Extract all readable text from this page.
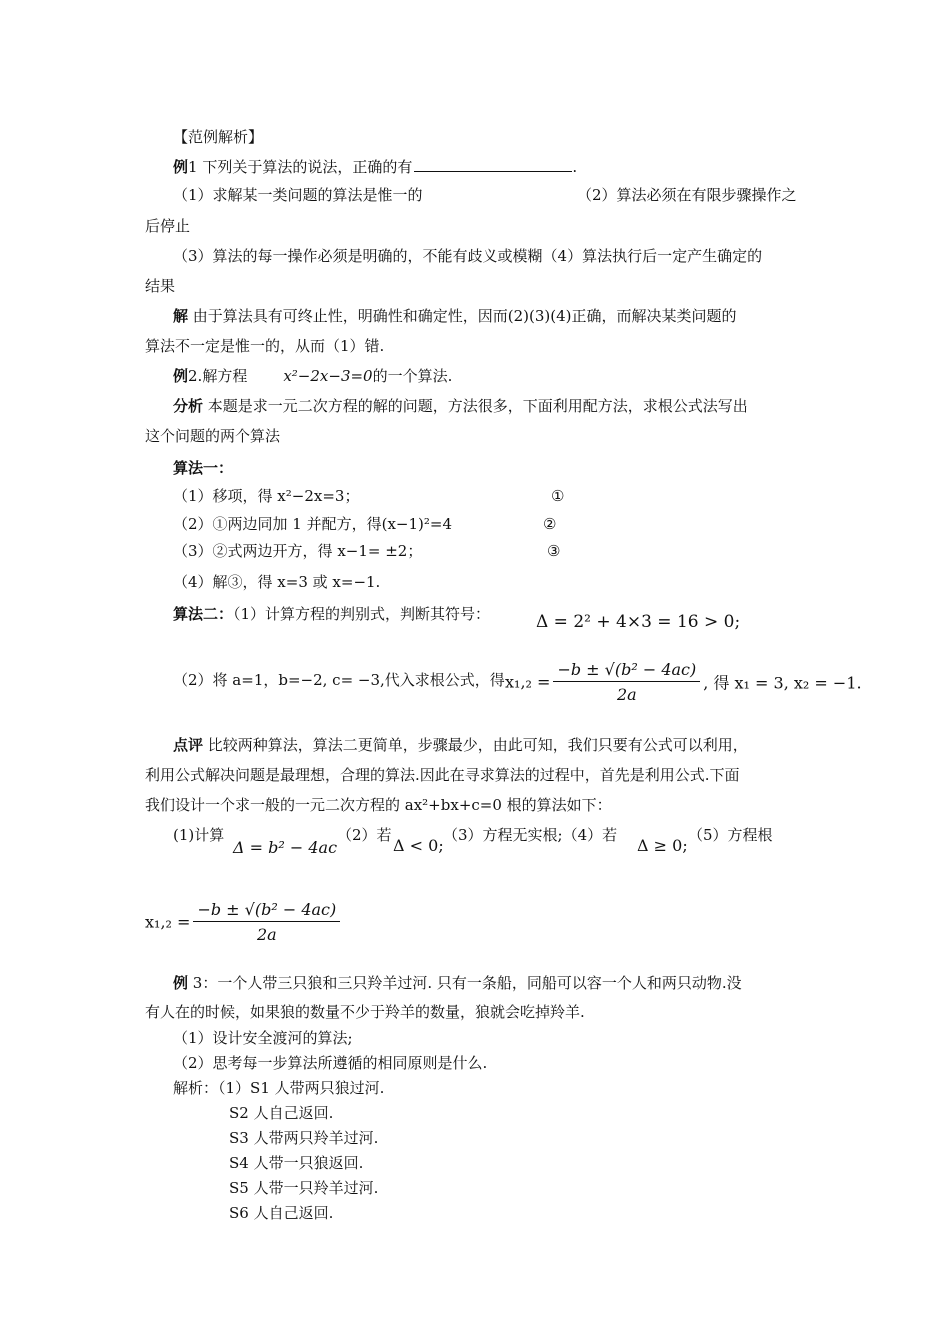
【范例解析】
例1 下列关于算法的说法，正确的有	.
（1）求解某一类问题的算法是惟一的	（2）算法必须在有限步骤操作之
后停止
（3）算法的每一操作必须是明确的，不能有歧义或模糊（4）算法执行后一定产生确定的
结果
解 由于算法具有可终止性，明确性和确定性，因而(2)(3)(4)正确，而解决某类问题的
算法不一定是惟一的，从而（1）错.
例2.解方程 x²−2x−3=0的一个算法.
分析 本题是求一元二次方程的解的问题，方法很多，下面利用配方法，求根公式法写出
这个问题的两个算法
算法一：
（1）移项，得 x²−2x=3；	①
（2）①两边同加 1 并配方，得(x−1)²=4	②
（3）②式两边开方，得 x−1= ±2；	③
（4）解③，得 x=3 或 x=−1.
算法二：（1）计算方程的判别式，判断其符号：	Δ = 2² + 4×3 = 16 > 0;
（2）将 a=1，b=−2, c= −3,代入求根公式，得 $x_1,_2 = \frac{\text{−b ± √(b² − 4ac)}}{2a}$ , 得 x₁ = 3, x₂ = −1.
点评 比较两种算法，算法二更简单，步骤最少，由此可知，我们只要有公式可以利用，
利用公式解决问题是最理想，合理的算法.因此在寻求算法的过程中，首先是利用公式.下面
我们设计一个求一般的一元二次方程的 ax²+bx+c=0 根的算法如下：
(1)计算
Δ = b² − 4ac
（2）若
Δ < 0;
（3）方程无实根;（4）若
Δ ≥ 0;
（5）方程根
$x_1,_2 = \frac{\text{−b ± √(b² − 4ac)}}{2a}$
例 3：一个人带三只狼和三只羚羊过河. 只有一条船，同船可以容一个人和两只动物.没
有人在的时候，如果狼的数量不少于羚羊的数量，狼就会吃掉羚羊.
（1）设计安全渡河的算法;
（2）思考每一步算法所遵循的相同原则是什么.
解析：（1）S1 人带两只狼过河.
S2 人自己返回.
S3 人带两只羚羊过河.
S4 人带一只狼返回.
S5 人带一只羚羊过河.
S6 人自己返回.
